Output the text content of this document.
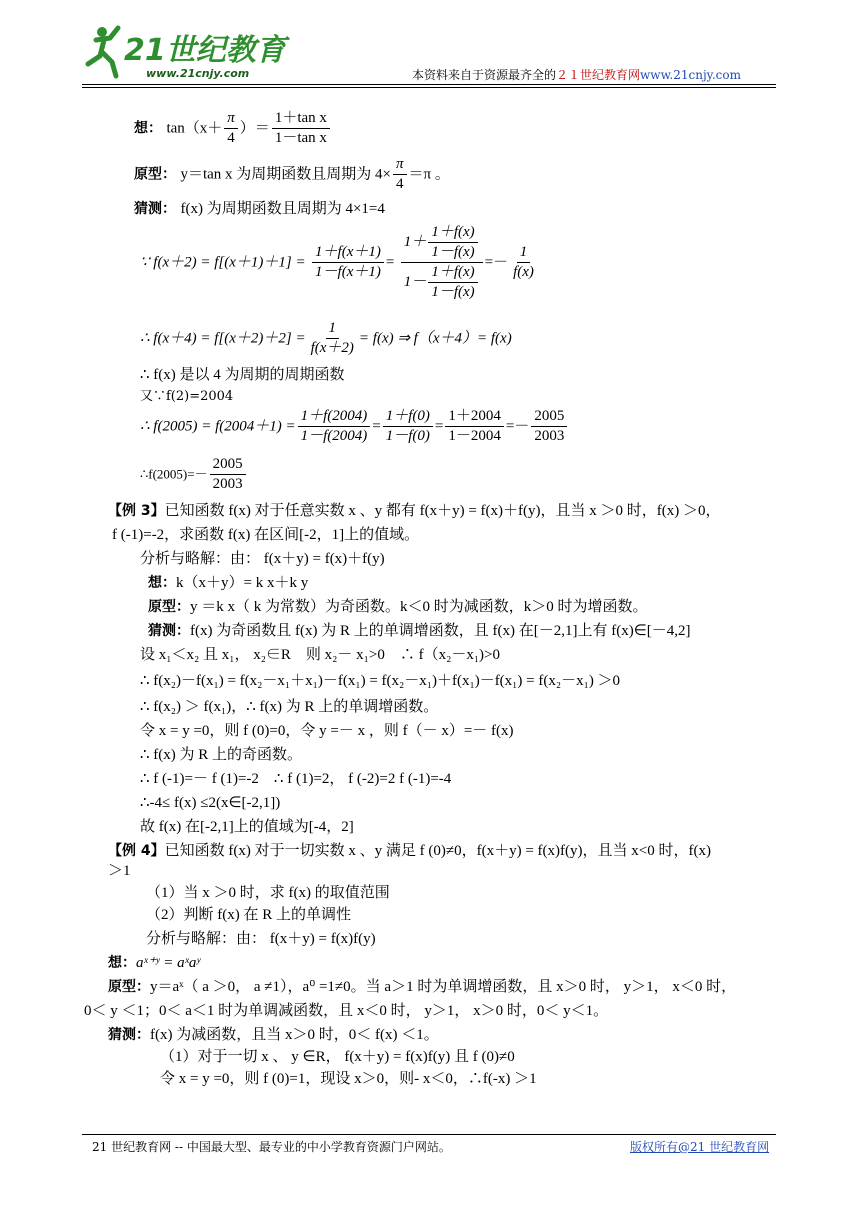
21世纪教育
www.21cnjy.com	本资料来自于资源最齐全的２１世纪教育网www.21cnjy.com
想： $\tan(x+ \frac{\pi}{4}$ ）＝ $\frac{\text{1＋tan x}}{\text{1－tan x}}$
原型： y＝tan x 为周期函数且周期为 $4\times \frac{\pi}{4} =\pi$ 。
猜测： f(x) 为周期函数且周期为 4×1=4
∵ $f(x+2) = f[(x+1)+1] = \frac{1+f(x+1)}{1-f(x+1)} = \frac{1+ \frac{1+f(x)}{1-f(x)}}{1- \frac{1+f(x)}{1-f(x)}} =- \frac{1}{f(x)}$
∴ $f(x+4) = f[(x+2)+2] = \frac{1}{f(x+2)} = f(x)$ ⇒ f（x＋4）= f(x)
∴ f(x) 是以 4 为周期的周期函数
又∵f(2)=2004
∴ $f(2005) = f(2004+1) = \frac{1+f(2004)}{1-f(2004)} = \frac{1+f(0)}{1-f(0)} = \frac{1+2004}{1-2004} =- \frac{2005}{2003}$
∴f(2005)=－ $\frac{2005}{2003}$
【例 3】已知函数 f(x) 对于任意实数 x 、y 都有 f(x＋y) = f(x)＋f(y)，且当 x ＞0 时，f(x) ＞0，
f (-1)=-2，求函数 f(x) 在区间[-2，1]上的值域。
分析与略解：由： f(x＋y) = f(x)＋f(y)
想：k（x＋y）= k x＋k y
原型：y ＝k x（ k 为常数）为奇函数。k＜0 时为减函数，k＞0 时为增函数。
猜测：f(x) 为奇函数且 f(x) 为 R 上的单调增函数，且 f(x) 在[－2,1]上有 f(x)∈[－4,2]
设 x₁＜x₂ 且 x₁， x₂∈R　则 x₂－ x₁>0　∴ f（x₂－x₁)>0
∴ f(x₂)－f(x₁) = f(x₂－x₁＋x₁)－f(x₁) = f(x₂－x₁)＋f(x₁)－f(x₁) = f(x₂－x₁) ＞0
∴ f(x₂) ＞ f(x₁)，∴ f(x) 为 R 上的单调增函数。
令 x = y =0，则 f (0)=0，令 y =－ x ，则 f（－ x）=－ f(x)
∴ f(x) 为 R 上的奇函数。
∴ f (-1)=－ f (1)=-2　∴ f (1)=2， f (-2)=2 f (-1)=-4
∴-4≤ f(x) ≤2(x∈[-2,1])
故 f(x) 在[-2,1]上的值域为[-4，2]
【例 4】已知函数 f(x) 对于一切实数 x 、y 满足 f (0)≠0，f(x＋y) = f(x)f(y)，且当 x<0 时，f(x)
＞1
（1）当 x ＞0 时，求 f(x) 的取值范围
（2）判断 f(x) 在 R 上的单调性
分析与略解：由： f(x＋y) = f(x)f(y)
想：aˣ⁺ʸ = aˣaʸ
原型：y＝aˣ（ a ＞0， a ≠1），a⁰ =1≠0。当 a＞1 时为单调增函数，且 x＞0 时， y＞1， x＜0 时，
0＜ y ＜1；0＜ a＜1 时为单调减函数，且 x＜0 时， y＞1， x＞0 时，0＜ y＜1。
猜测：f(x) 为减函数，且当 x＞0 时，0＜ f(x) ＜1。
（1）对于一切 x 、 y ∈R， f(x＋y) = f(x)f(y) 且 f (0)≠0
令 x = y =0，则 f (0)=1，现设 x＞0，则- x＜0，∴f(-x) ＞1
21 世纪教育网 -- 中国最大型、最专业的中小学教育资源门户网站。	版权所有@21 世纪教育网
